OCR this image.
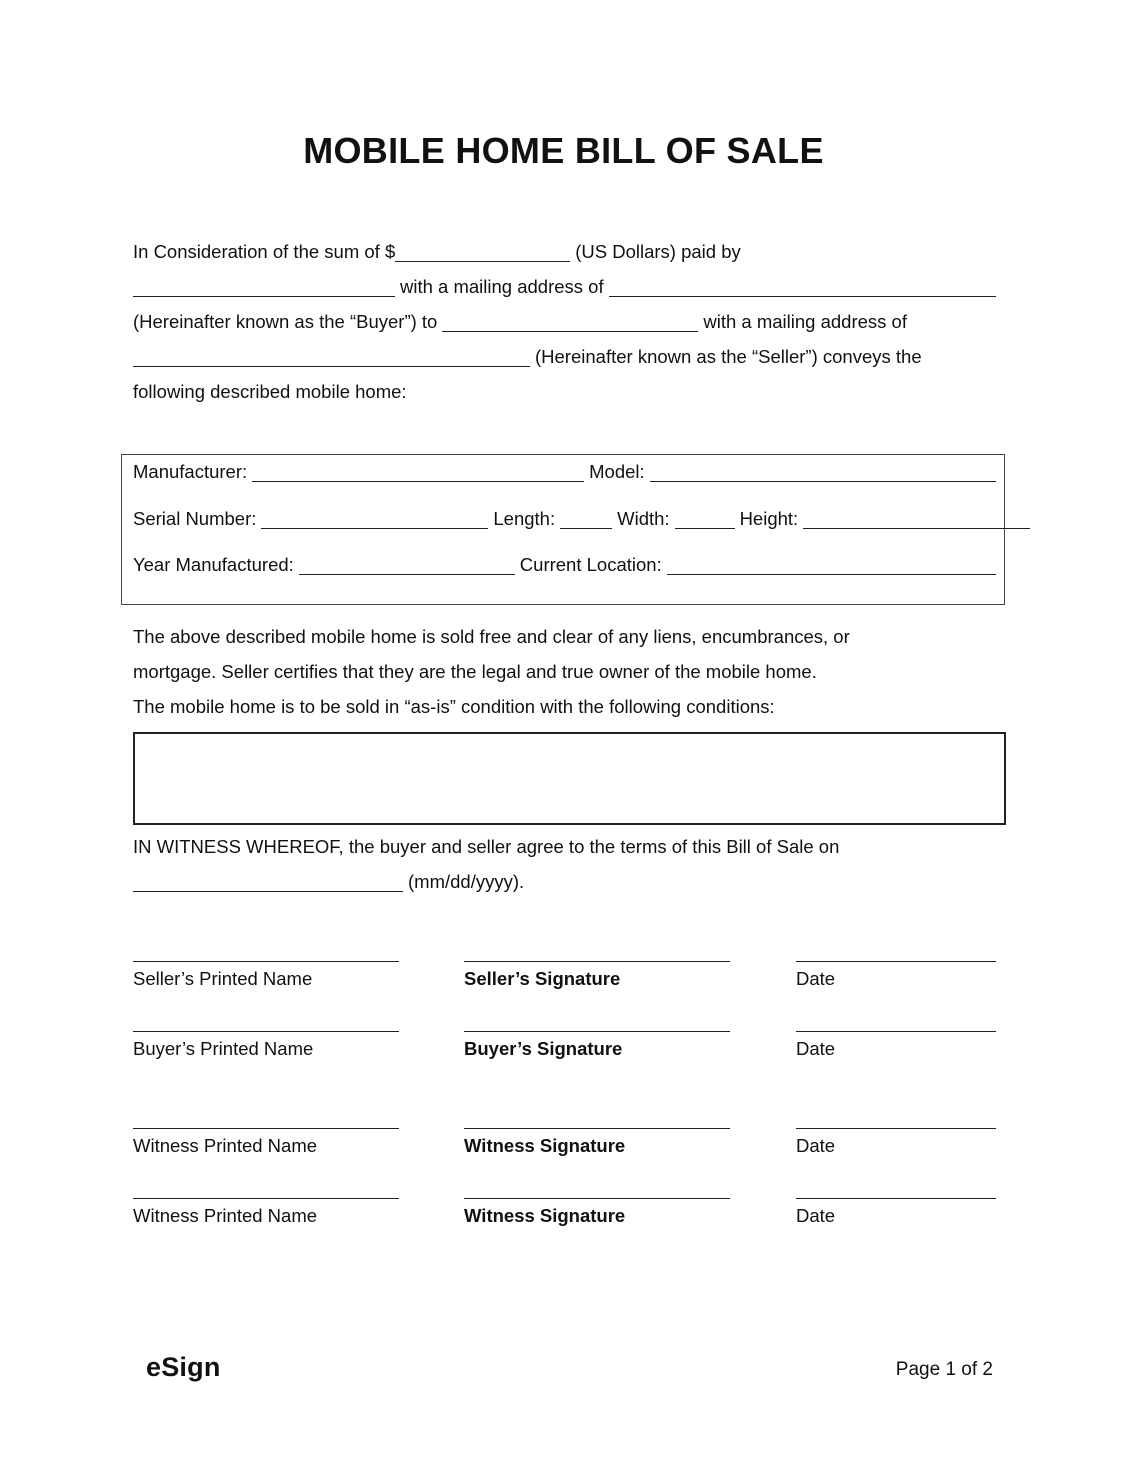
MOBILE HOME BILL OF SALE
In Consideration of the sum of $	(US Dollars) paid by
with a mailing address of
(Hereinafter known as the “Buyer”) to	with a mailing address of
(Hereinafter known as the “Seller”) conveys the
following described mobile home:
Manufacturer:	Model:
Serial Number:	Length:	Width:	Height:
Year Manufactured:	Current Location:
The above described mobile home is sold free and clear of any liens, encumbrances, or
mortgage. Seller certifies that they are the legal and true owner of the mobile home.
The mobile home is to be sold in “as-is” condition with the following conditions:
IN WITNESS WHEREOF, the buyer and seller agree to the terms of this Bill of Sale on
(mm/dd/yyyy).
Seller’s Printed Name	Seller’s Signature	Date
Buyer’s Printed Name	Buyer’s Signature	Date
Witness Printed Name	Witness Signature	Date
Witness Printed Name	Witness Signature	Date
eSign	Page 1 of 2
